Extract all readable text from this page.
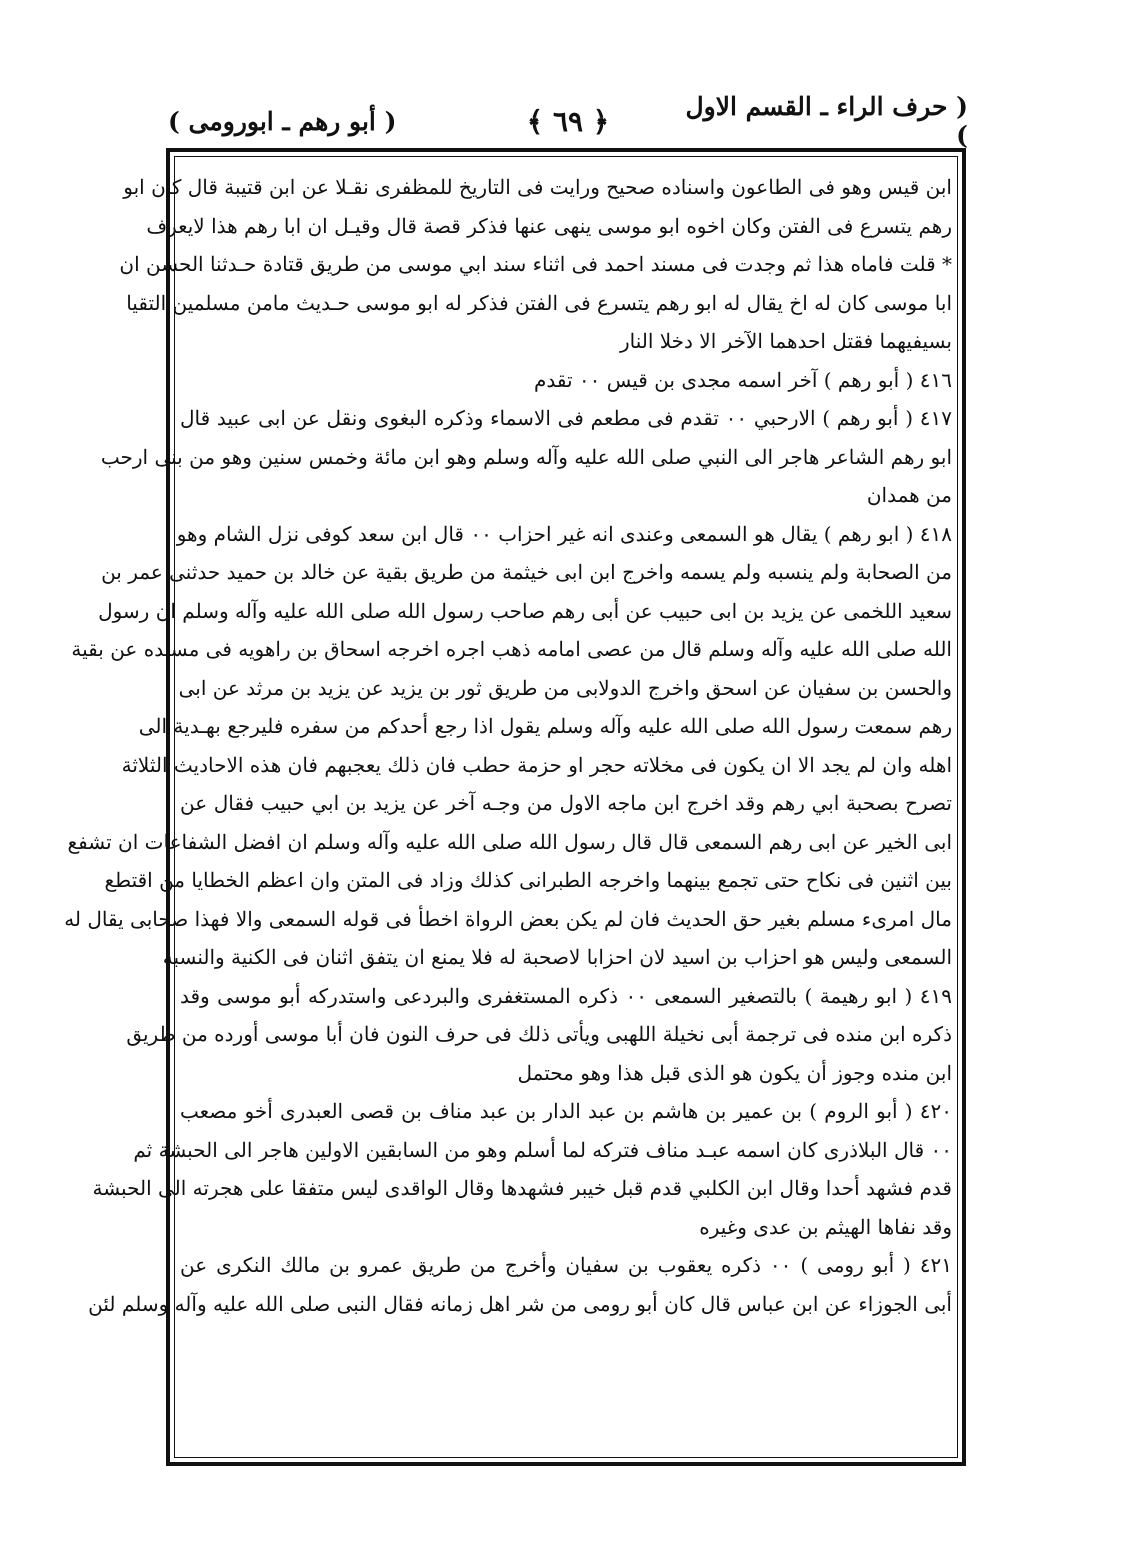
( حرف الراء ـ القسم الاول )
﴿ ٦٩ ﴾
( أبو رهم ـ ابورومى )
ابن قيس وهو فى الطاعون واسناده صحيح ورايت فى التاريخ للمظفرى نقـلا عن ابن قتيبة قال كان ابو
رهم يتسرع فى الفتن وكان اخوه ابو موسى ينهى عنها فذكر قصة قال وقيـل ان ابا رهم هذا لايعرف
* قلت فاماه هذا ثم وجدت فى مسند احمد فى اثناء سند ابي موسى من طريق قتادة حـدثنا الحسن ان
ابا موسى كان له اخ يقال له ابو رهم يتسرع فى الفتن فذكر له ابو موسى حـديث مامن مسلمين التقيا
بسيفيهما فقتل احدهما الآخر الا دخلا النار
٤١٦ ( أبو رهم ) آخر اسمه مجدى بن قيس ٠٠ تقدم
٤١٧ ( أبو رهم ) الارحبي ٠٠ تقدم فى مطعم فى الاسماء وذكره البغوى ونقل عن ابى عبيد قال
ابو رهم الشاعر هاجر الى النبي صلى الله عليه وآله وسلم وهو ابن مائة وخمس سنين وهو من بنى ارحب
من همدان
٤١٨ ( ابو رهم ) يقال هو السمعى وعندى انه غير احزاب ٠٠ قال ابن سعد كوفى نزل الشام وهو
من الصحابة ولم ينسبه ولم يسمه واخرج ابن ابى خيثمة من طريق بقية عن خالد بن حميد حدثنى عمر بن
سعيد اللخمى عن يزيد بن ابى حبيب عن أبى رهم صاحب رسول الله صلى الله عليه وآله وسلم ان رسول
الله صلى الله عليه وآله وسلم قال من عصى امامه ذهب اجره اخرجه اسحاق بن راهويه فى مسنده عن بقية
والحسن بن سفيان عن اسحق واخرج الدولابى من طريق ثور بن يزيد عن يزيد بن مرثد عن ابى
رهم سمعت رسول الله صلى الله عليه وآله وسلم يقول اذا رجع أحدكم من سفره فليرجع بهـدية الى
اهله وان لم يجد الا ان يكون فى مخلاته حجر او حزمة حطب فان ذلك يعجبهم فان هذه الاحاديث الثلاثة
تصرح بصحبة ابي رهم وقد اخرج ابن ماجه الاول من وجـه آخر عن يزيد بن ابي حبيب فقال عن
ابى الخير عن ابى رهم السمعى قال قال رسول الله صلى الله عليه وآله وسلم ان افضل الشفاعات ان تشفع
بين اثنين فى نكاح حتى تجمع بينهما واخرجه الطبرانى كذلك وزاد فى المتن وان اعظم الخطايا من اقتطع
مال امرىء مسلم بغير حق الحديث فان لم يكن بعض الرواة اخطأ فى قوله السمعى والا فهذا صحابى يقال له
السمعى وليس هو احزاب بن اسيد لان احزابا لاصحبة له فلا يمنع ان يتفق اثنان فى الكنية والنسبة
٤١٩ ( ابو رهيمة ) بالتصغير السمعى ٠٠ ذكره المستغفرى والبردعى واستدركه أبو موسى وقد
ذكره ابن منده فى ترجمة أبى نخيلة اللهبى ويأتى ذلك فى حرف النون فان أبا موسى أورده من طريق
ابن منده وجوز أن يكون هو الذى قبل هذا وهو محتمل
٤٢٠ ( أبو الروم ) بن عمير بن هاشم بن عبد الدار بن عبد مناف بن قصى العبدرى أخو مصعب
٠٠ قال البلاذرى كان اسمه عبـد مناف فتركه لما أسلم وهو من السابقين الاولين هاجر الى الحبشة ثم
قدم فشهد أحدا وقال ابن الكلبي قدم قبل خيبر فشهدها وقال الواقدى ليس متفقا على هجرته الى الحبشة
وقد نفاها الهيثم بن عدى وغيره
٤٢١ ( أبو رومى ) ٠٠ ذكره يعقوب بن سفيان وأخرج من طريق عمرو بن مالك النكرى عن
أبى الجوزاء عن ابن عباس قال كان أبو رومى من شر اهل زمانه فقال النبى صلى الله عليه وآله وسلم لئن
